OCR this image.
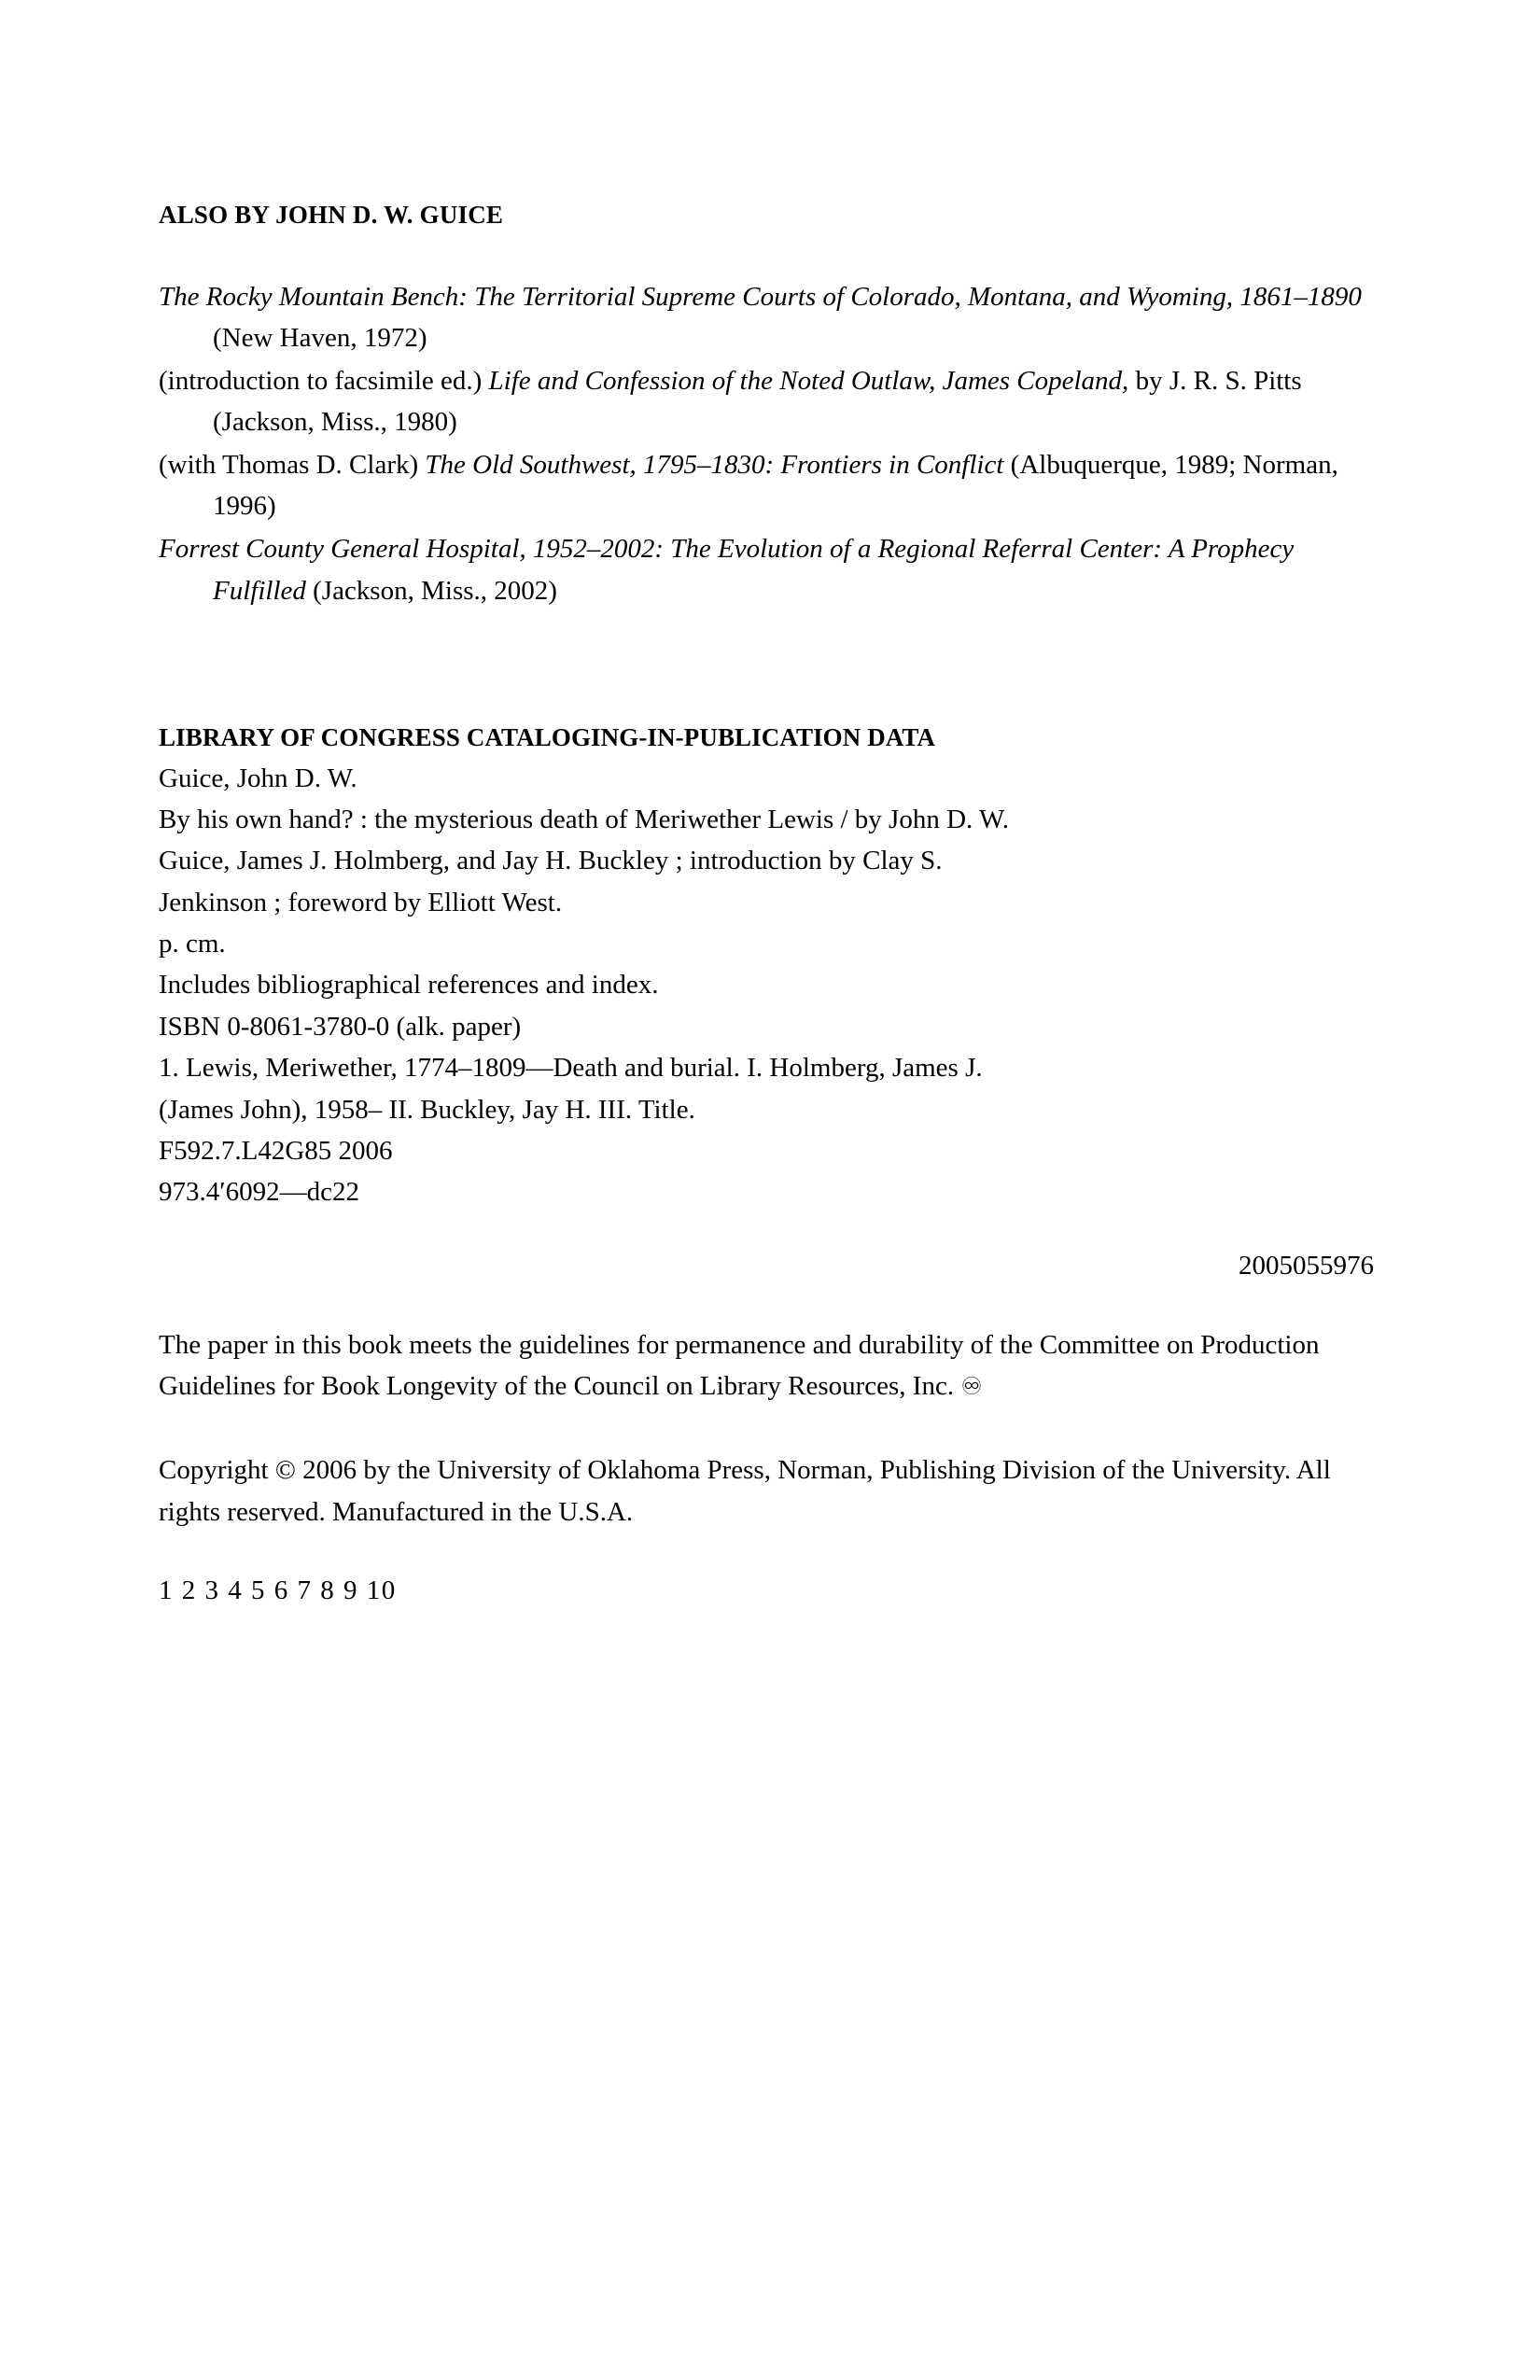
ALSO BY JOHN D. W. GUICE
The Rocky Mountain Bench: The Territorial Supreme Courts of Colorado, Montana, and Wyoming, 1861–1890 (New Haven, 1972)
(introduction to facsimile ed.) Life and Confession of the Noted Outlaw, James Copeland, by J. R. S. Pitts (Jackson, Miss., 1980)
(with Thomas D. Clark) The Old Southwest, 1795–1830: Frontiers in Conflict (Albuquerque, 1989; Norman, 1996)
Forrest County General Hospital, 1952–2002: The Evolution of a Regional Referral Center: A Prophecy Fulfilled (Jackson, Miss., 2002)
LIBRARY OF CONGRESS CATALOGING-IN-PUBLICATION DATA
Guice, John D. W.
By his own hand? : the mysterious death of Meriwether Lewis / by John D. W.
Guice, James J. Holmberg, and Jay H. Buckley ; introduction by Clay S.
Jenkinson ; foreword by Elliott West.
p. cm.
Includes bibliographical references and index.
ISBN 0-8061-3780-0 (alk. paper)
1. Lewis, Meriwether, 1774–1809—Death and burial. I. Holmberg, James J.
(James John), 1958– II. Buckley, Jay H. III. Title.
F592.7.L42G85 2006
973.4′6092—dc22
2005055976
The paper in this book meets the guidelines for permanence and durability of the Committee on Production Guidelines for Book Longevity of the Council on Library Resources, Inc. ♾
Copyright © 2006 by the University of Oklahoma Press, Norman, Publishing Division of the University. All rights reserved. Manufactured in the U.S.A.
1 2 3 4 5 6 7 8 9 10
